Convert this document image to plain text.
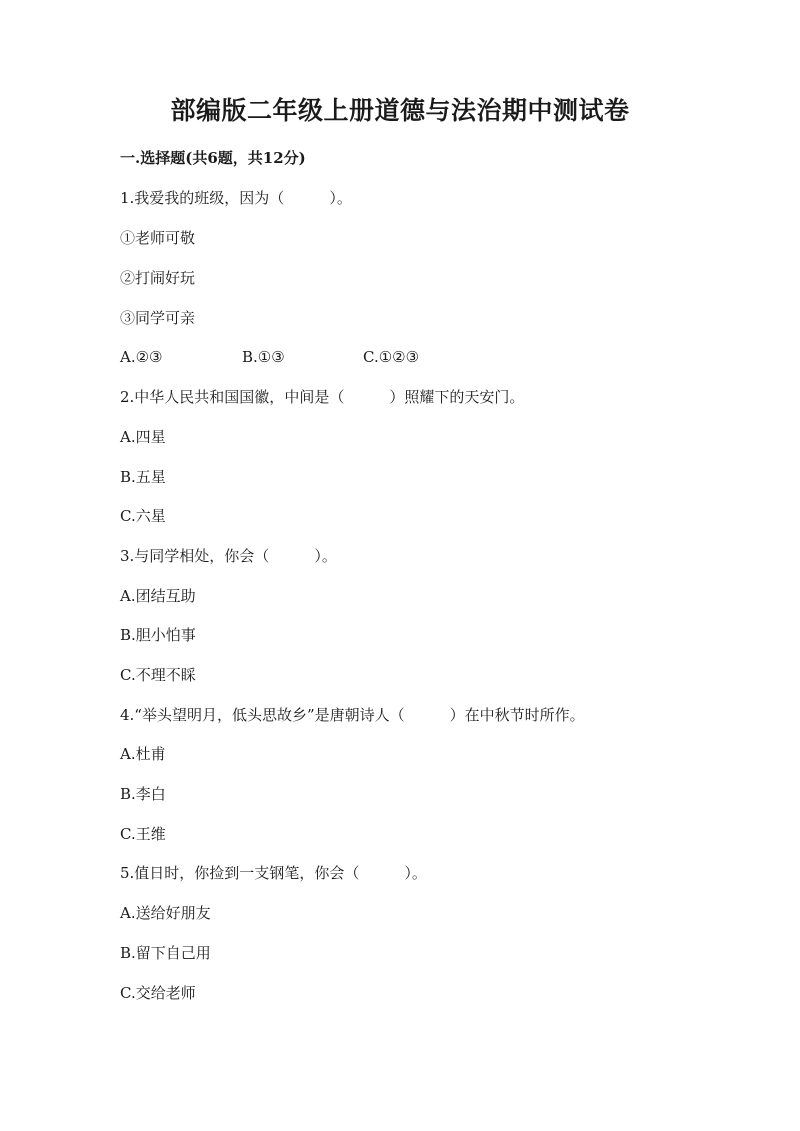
部编版二年级上册道德与法治期中测试卷
一.选择题(共6题，共12分)
1.我爱我的班级，因为（　　　）。
①老师可敬
②打闹好玩
③同学可亲

A.②③

	B.①③

	C.①②③

2.中华人民共和国国徽，中间是（　　　）照耀下的天安门。
A.四星
B.五星
C.六星
3.与同学相处，你会（　　　）。
A.团结互助
B.胆小怕事
C.不理不睬
4.“举头望明月，低头思故乡”是唐朝诗人（　　　）在中秋节时所作。
A.杜甫
B.李白
C.王维
5.值日时，你捡到一支钢笔，你会（　　　）。
A.送给好朋友
B.留下自己用
C.交给老师
